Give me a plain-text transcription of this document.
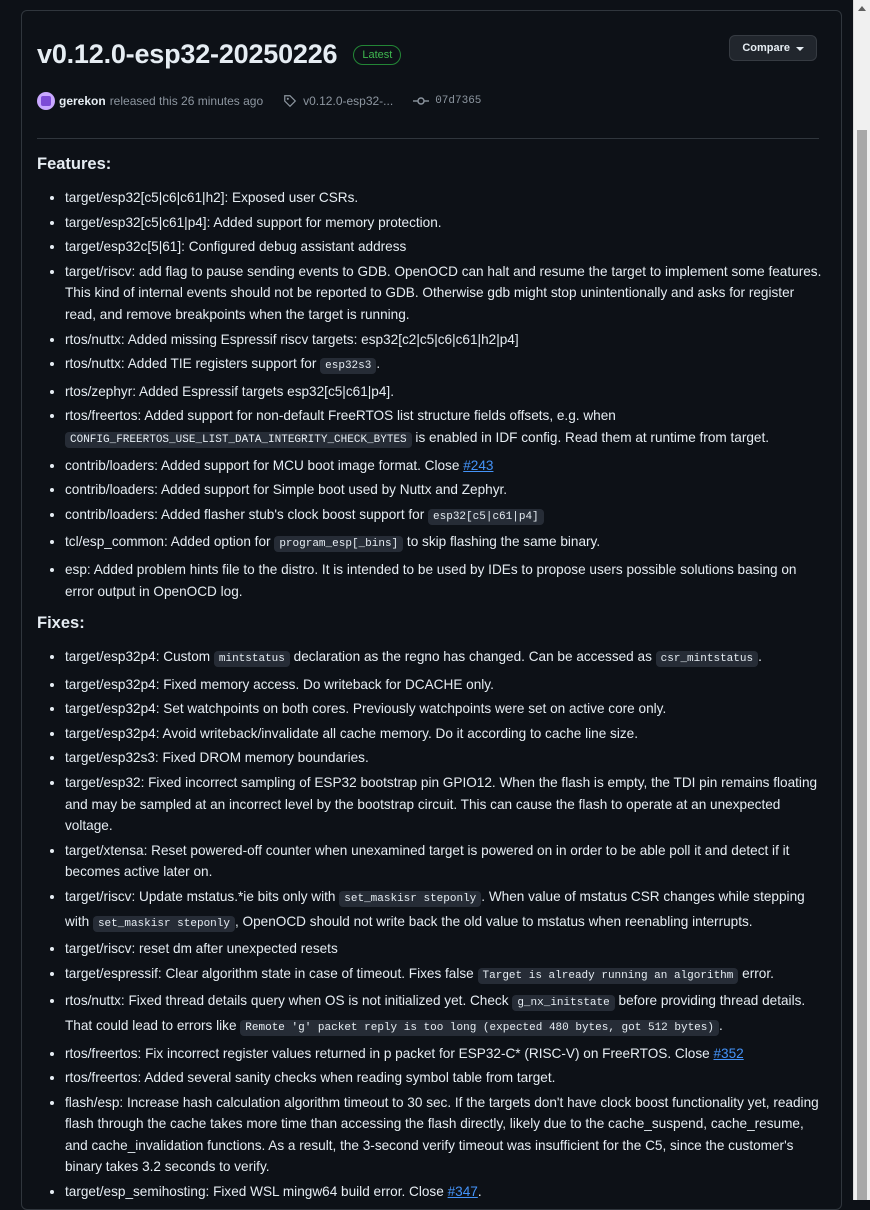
v0.12.0-esp32-20250226	Latest
Compare
gerekon released this 26 minutes ago	v0.12.0-esp32-...	07d7365
Features:
• target/esp32[c5|c6|c61|h2]: Exposed user CSRs.
• target/esp32[c5|c61|p4]: Added support for memory protection.
• target/esp32c[5|61]: Configured debug assistant address
• target/riscv: add flag to pause sending events to GDB. OpenOCD can halt and resume the target to implement some features. This kind of internal events should not be reported to GDB. Otherwise gdb might stop unintentionally and asks for register read, and remove breakpoints when the target is running.
• rtos/nuttx: Added missing Espressif riscv targets: esp32[c2|c5|c6|c61|h2|p4]
• rtos/nuttx: Added TIE registers support for esp32s3 .
• rtos/zephyr: Added Espressif targets esp32[c5|c61|p4].
• rtos/freertos: Added support for non-default FreeRTOS list structure fields offsets, e.g. when CONFIG_FREERTOS_USE_LIST_DATA_INTEGRITY_CHECK_BYTES is enabled in IDF config. Read them at runtime from target.
• contrib/loaders: Added support for MCU boot image format. Close #243
• contrib/loaders: Added support for Simple boot used by Nuttx and Zephyr.
• contrib/loaders: Added flasher stub's clock boost support for esp32[c5|c61|p4]
• tcl/esp_common: Added option for program_esp[_bins] to skip flashing the same binary.
• esp: Added problem hints file to the distro. It is intended to be used by IDEs to propose users possible solutions basing on error output in OpenOCD log.
Fixes:
• target/esp32p4: Custom mintstatus declaration as the regno has changed. Can be accessed as csr_mintstatus .
• target/esp32p4: Fixed memory access. Do writeback for DCACHE only.
• target/esp32p4: Set watchpoints on both cores. Previously watchpoints were set on active core only.
• target/esp32p4: Avoid writeback/invalidate all cache memory. Do it according to cache line size.
• target/esp32s3: Fixed DROM memory boundaries.
• target/esp32: Fixed incorrect sampling of ESP32 bootstrap pin GPIO12. When the flash is empty, the TDI pin remains floating and may be sampled at an incorrect level by the bootstrap circuit. This can cause the flash to operate at an unexpected voltage.
• target/xtensa: Reset powered-off counter when unexamined target is powered on in order to be able poll it and detect if it becomes active later on.
• target/riscv: Update mstatus.*ie bits only with set_maskisr steponly . When value of mstatus CSR changes while stepping with set_maskisr steponly , OpenOCD should not write back the old value to mstatus when reenabling interrupts.
• target/riscv: reset dm after unexpected resets
• target/espressif: Clear algorithm state in case of timeout. Fixes false Target is already running an algorithm error.
• rtos/nuttx: Fixed thread details query when OS is not initialized yet. Check g_nx_initstate before providing thread details. That could lead to errors like Remote 'g' packet reply is too long (expected 480 bytes, got 512 bytes) .
• rtos/freertos: Fix incorrect register values returned in p packet for ESP32-C* (RISC-V) on FreeRTOS. Close #352
• rtos/freertos: Added several sanity checks when reading symbol table from target.
• flash/esp: Increase hash calculation algorithm timeout to 30 sec. If the targets don't have clock boost functionality yet, reading flash through the cache takes more time than accessing the flash directly, likely due to the cache_suspend, cache_resume, and cache_invalidation functions. As a result, the 3-second verify timeout was insufficient for the C5, since the customer's binary takes 3.2 seconds to verify.
• target/esp_semihosting: Fixed WSL mingw64 build error. Close #347.
